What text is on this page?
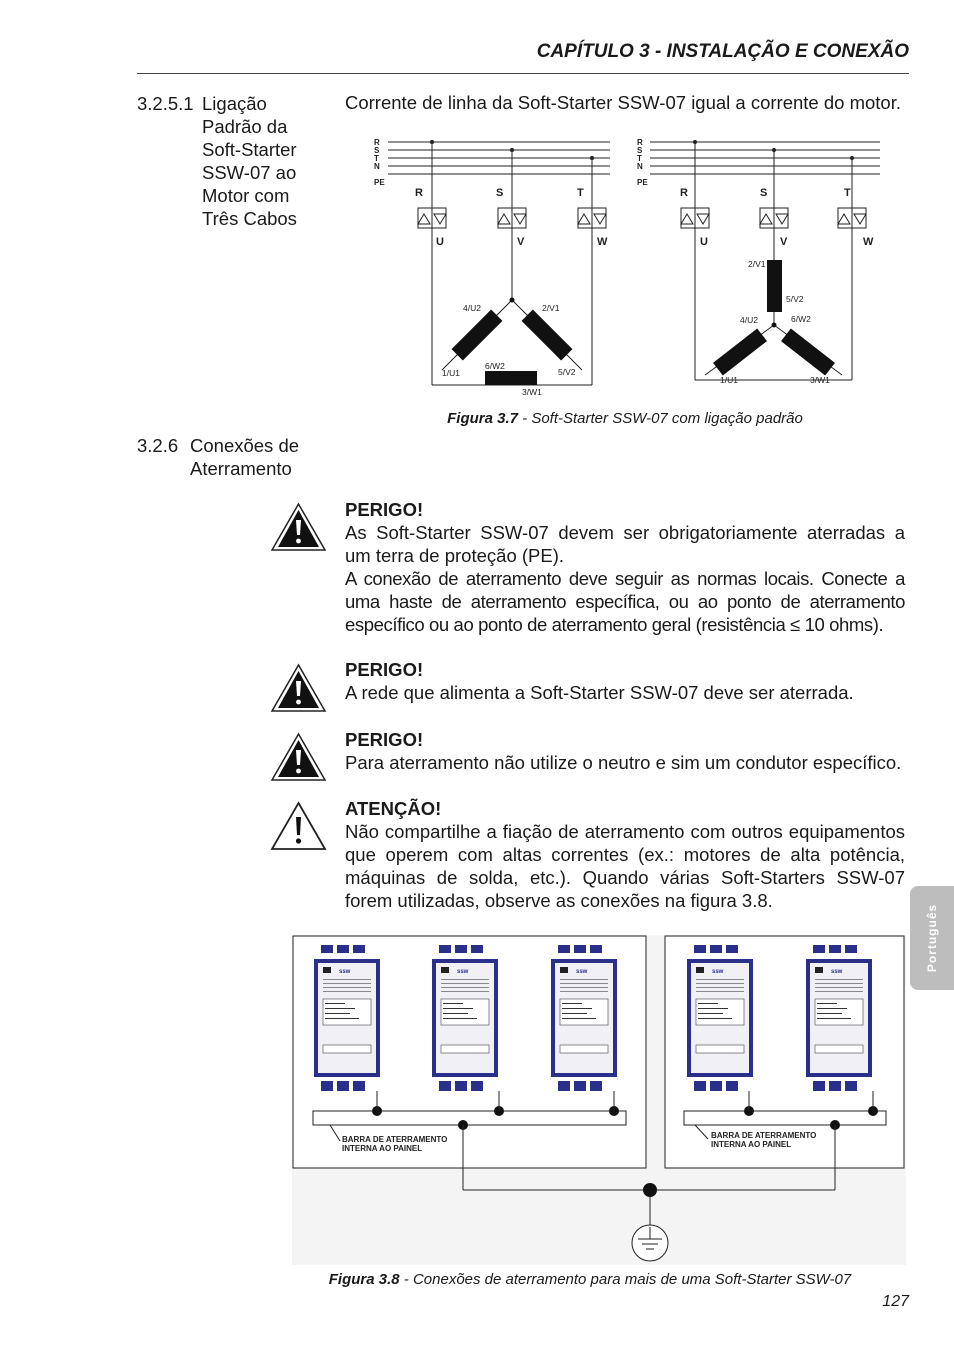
CAPÍTULO 3 - INSTALAÇÃO E CONEXÃO
3.2.5.1 Ligação
Padrão da
Soft-Starter
SSW-07 ao
Motor com
Três Cabos
Corrente de linha da Soft-Starter SSW-07 igual a corrente do motor.
R
S
T
N
PE
R
S
T
N
PE
R	S	T	R	S	T
U	V	W	U	V	W
4/U2	2/V1
1/U1
6/W2
5/V2
3/W1
2/V1
5/V2
4/U2	6/W2
1/U1	3/W1
Figura 3.7 - Soft-Starter SSW-07 com ligação padrão
3.2.6 Conexões de
Aterramento
PERIGO!
As Soft-Starter SSW-07 devem ser obrigatoriamente aterradas a um terra de proteção (PE).
A conexão de aterramento deve seguir as normas locais. Conecte a uma haste de aterramento específica, ou ao ponto de aterramento específico ou ao ponto de aterramento geral (resistência ≤ 10 ohms).
PERIGO!
A rede que alimenta a Soft-Starter SSW-07 deve ser aterrada.
PERIGO!
Para aterramento não utilize o neutro e sim um condutor específico.
ATENÇÃO!
Não compartilhe a fiação de aterramento com outros equipamentos que operem com altas correntes (ex.: motores de alta potência, máquinas de solda, etc.). Quando várias Soft-Starters SSW-07 forem utilizadas, observe as conexões na figura 3.8.
Português
ssw	ssw	ssw	ssw	ssw
BARRA DE ATERRAMENTO
INTERNA AO PAINEL
BARRA DE ATERRAMENTO
INTERNA AO PAINEL
Figura 3.8 - Conexões de aterramento para mais de uma Soft-Starter SSW-07
127
